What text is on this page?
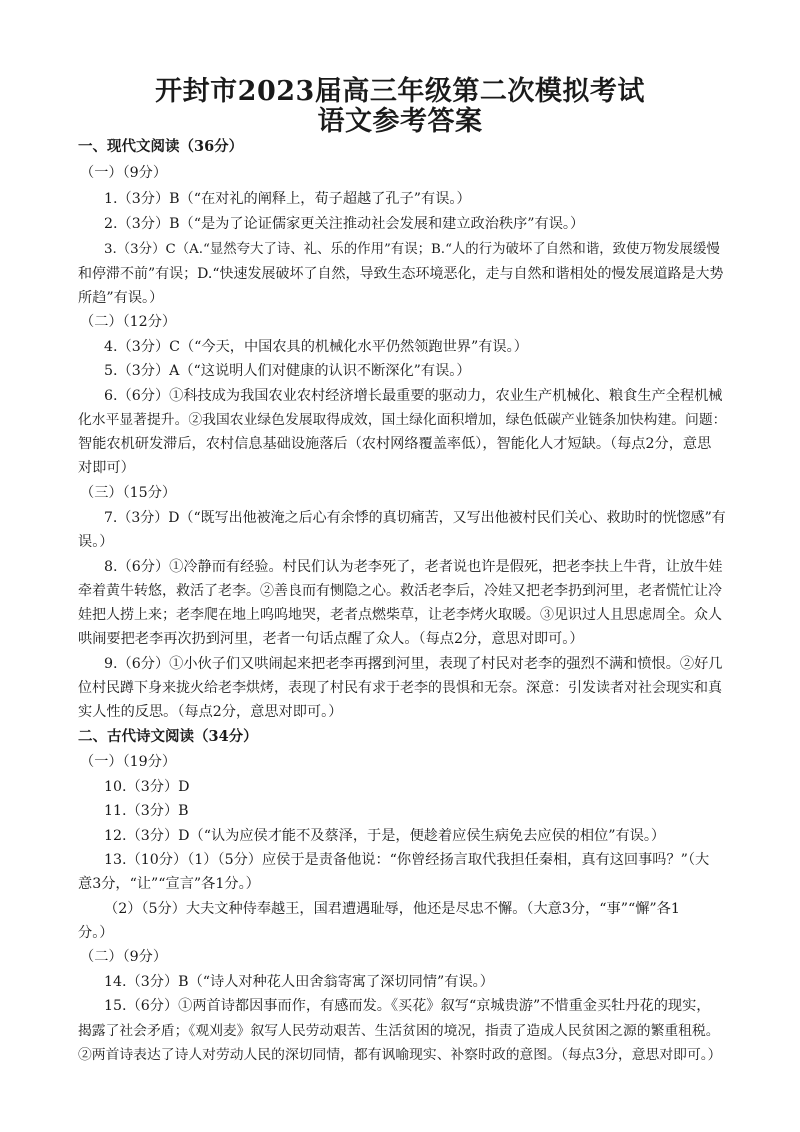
开封市2023届高三年级第二次模拟考试
语文参考答案
一、现代文阅读（36分）
（一）（9分）
1.（3分）B（“在对礼的阐释上，荀子超越了孔子”有误。）
2.（3分）B（“是为了论证儒家更关注推动社会发展和建立政治秩序”有误。）
3.（3分）C（A.“显然夸大了诗、礼、乐的作用”有误；B.“人的行为破坏了自然和谐，致使万物发展缓慢
和停滞不前”有误；D.“快速发展破坏了自然，导致生态环境恶化，走与自然和谐相处的慢发展道路是大势
所趋”有误。）
（二）（12分）
4.（3分）C（“今天，中国农具的机械化水平仍然领跑世界”有误。）
5.（3分）A（“这说明人们对健康的认识不断深化”有误。）
6.（6分）①科技成为我国农业农村经济增长最重要的驱动力，农业生产机械化、粮食生产全程机械
化水平显著提升。②我国农业绿色发展取得成效，国土绿化面积增加，绿色低碳产业链条加快构建。问题：
智能农机研发滞后，农村信息基础设施落后（农村网络覆盖率低），智能化人才短缺。（每点2分，意思
对即可）
（三）（15分）
7.（3分）D（“既写出他被淹之后心有余悸的真切痛苦，又写出他被村民们关心、救助时的恍惚感”有
误。）
8.（6分）①冷静而有经验。村民们认为老李死了，老者说也许是假死，把老李扶上牛背，让放牛娃
牵着黄牛转悠，救活了老李。②善良而有恻隐之心。救活老李后，冷娃又把老李扔到河里，老者慌忙让冷
娃把人捞上来；老李爬在地上呜呜地哭，老者点燃柴草，让老李烤火取暖。③见识过人且思虑周全。众人
哄闹要把老李再次扔到河里，老者一句话点醒了众人。（每点2分，意思对即可。）
9.（6分）①小伙子们又哄闹起来把老李再撂到河里，表现了村民对老李的强烈不满和愤恨。②好几
位村民蹲下身来拢火给老李烘烤，表现了村民有求于老李的畏惧和无奈。深意：引发读者对社会现实和真
实人性的反思。（每点2分，意思对即可。）
二、古代诗文阅读（34分）
（一）（19分）
10.（3分）D
11.（3分）B
12.（3分）D（“认为应侯才能不及蔡泽，于是，便趁着应侯生病免去应侯的相位”有误。）
13.（10分）（1）（5分）应侯于是责备他说：“你曾经扬言取代我担任秦相，真有这回事吗？”（大
意3分，“让”“宣言”各1分。）
（2）（5分）大夫文种侍奉越王，国君遭遇耻辱，他还是尽忠不懈。（大意3分，“事”“懈”各1
分。）
（二）（9分）
14.（3分）B（“诗人对种花人田舍翁寄寓了深切同情”有误。）
15.（6分）①两首诗都因事而作，有感而发。《买花》叙写“京城贵游”不惜重金买牡丹花的现实，
揭露了社会矛盾；《观刈麦》叙写人民劳动艰苦、生活贫困的境况，指责了造成人民贫困之源的繁重租税。
②两首诗表达了诗人对劳动人民的深切同情，都有讽喻现实、补察时政的意图。（每点3分，意思对即可。）
